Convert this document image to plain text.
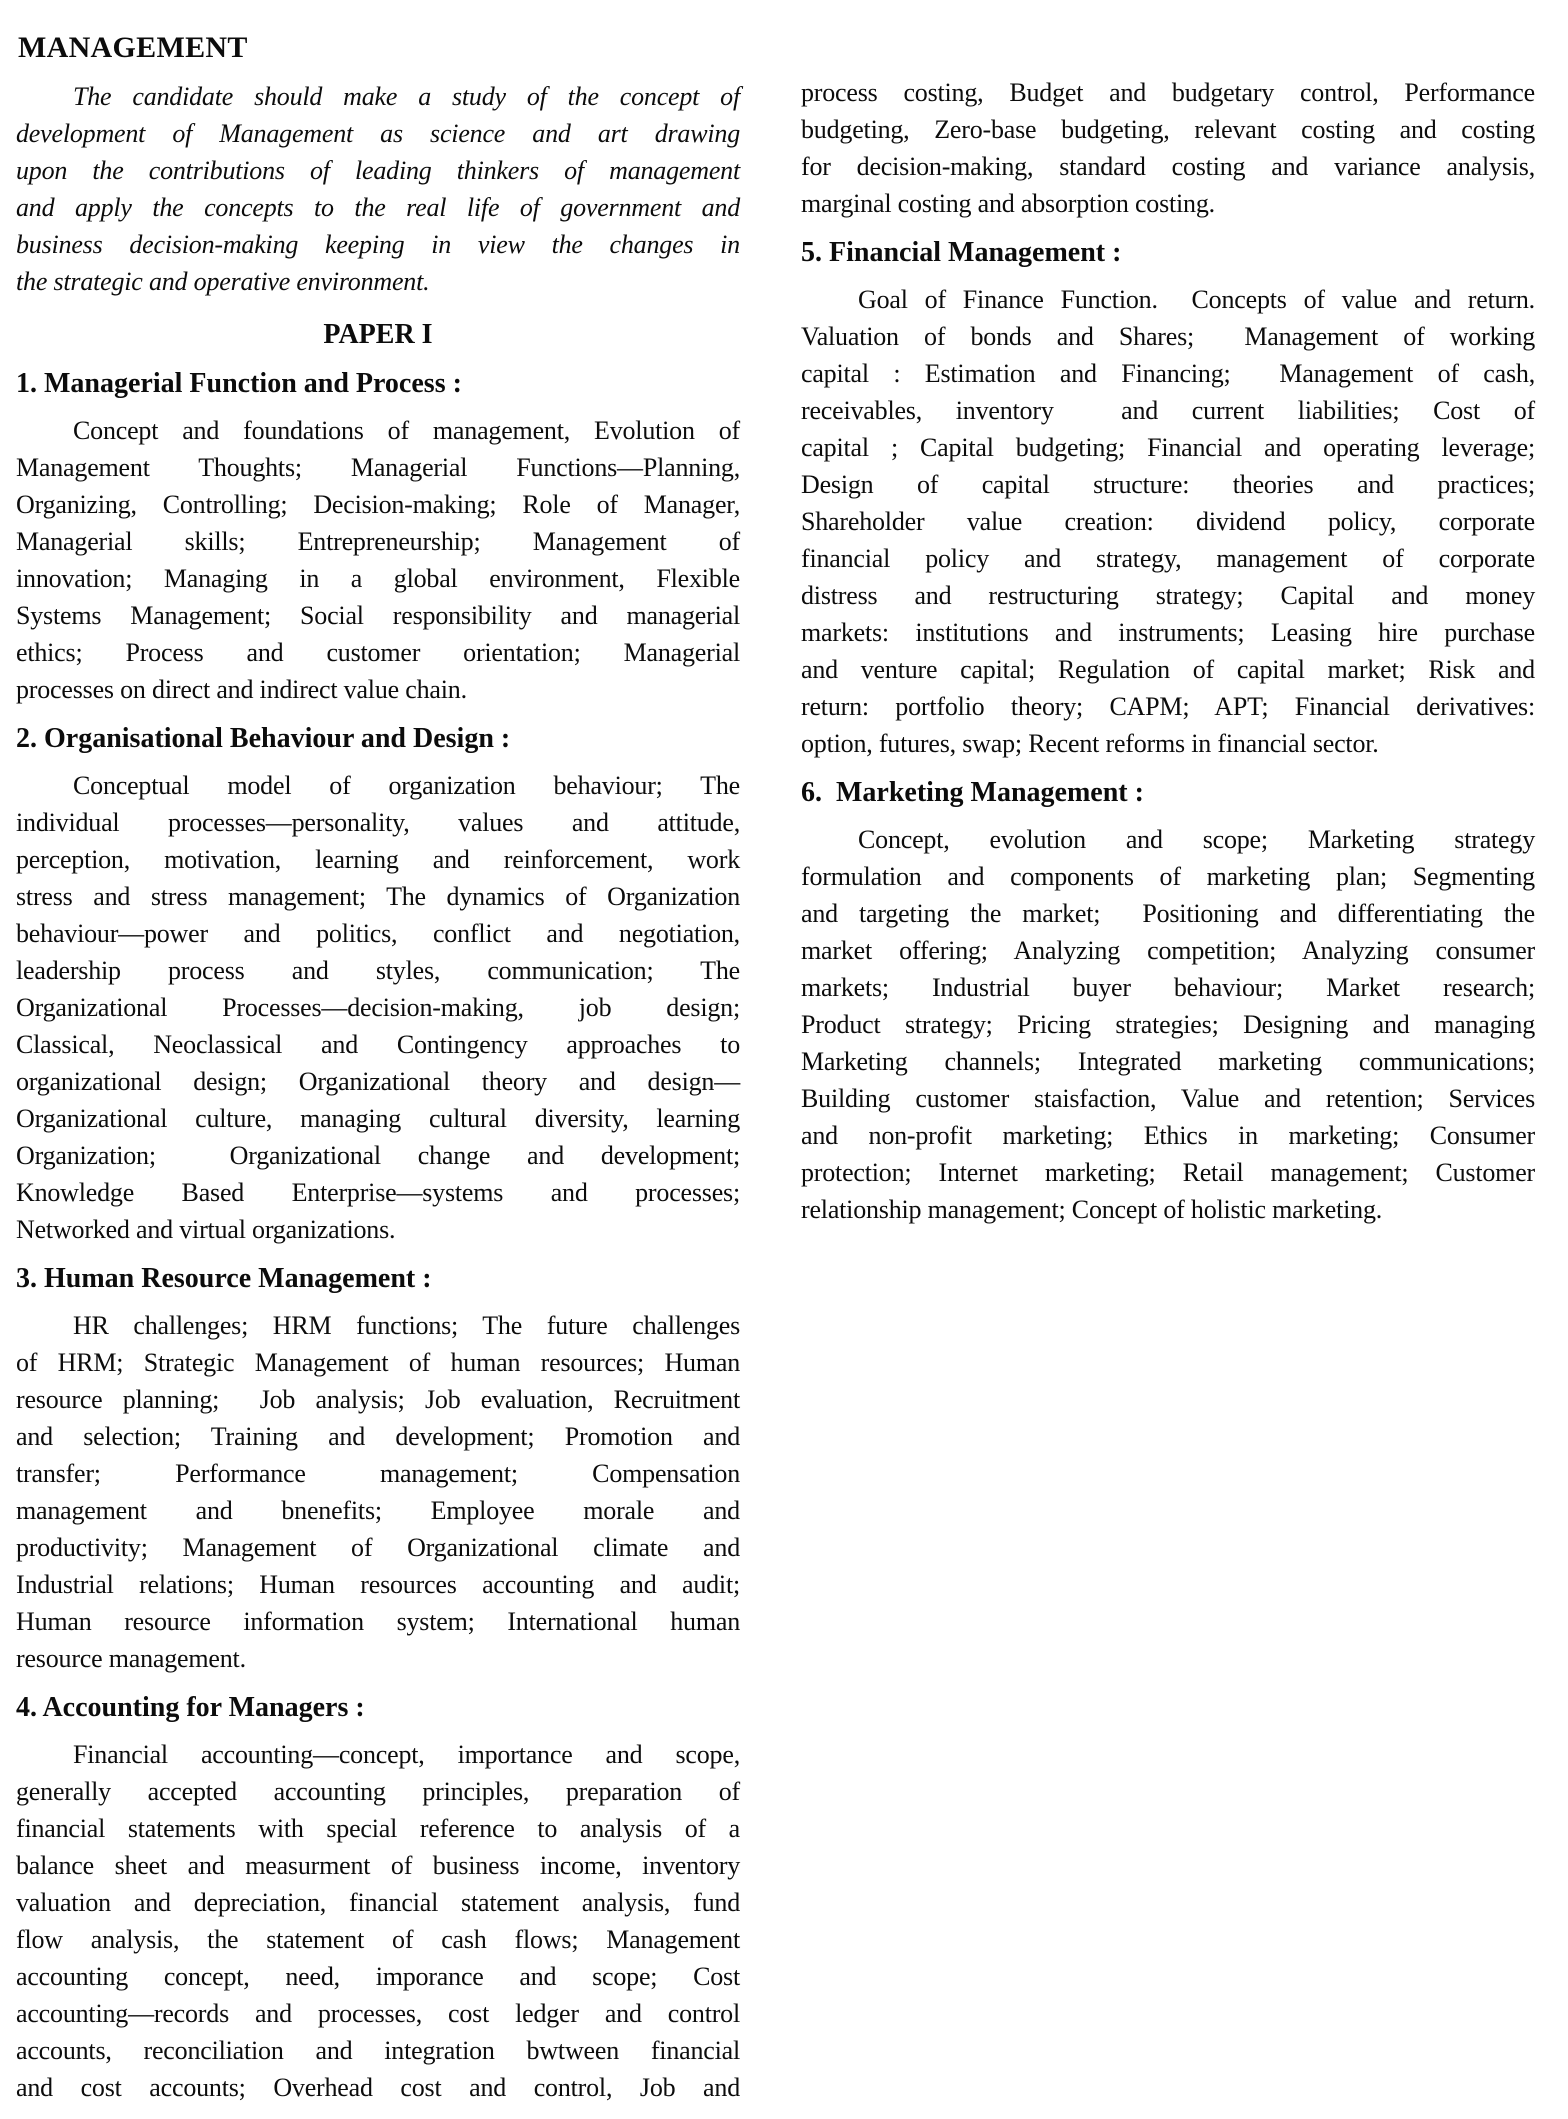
MANAGEMENT
The candidate should make a study of the concept of
development of Management as science and art drawing
upon the contributions of leading thinkers of management
and apply the concepts to the real life of government and
business decision-making keeping in view the changes in
the strategic and operative environment.
PAPER I
1. Managerial Function and Process :
Concept and foundations of management, Evolution of
Management Thoughts; Managerial Functions—Planning,
Organizing, Controlling; Decision-making; Role of Manager,
Managerial skills; Entrepreneurship; Management of
innovation; Managing in a global environment, Flexible
Systems Management; Social responsibility and managerial
ethics; Process and customer orientation; Managerial
processes on direct and indirect value chain.
2. Organisational Behaviour and Design :
Conceptual model of organization behaviour; The
individual processes—personality, values and attitude,
perception, motivation, learning and reinforcement, work
stress and stress management; The dynamics of Organization
behaviour—power and politics, conflict and negotiation,
leadership process and styles, communication; The
Organizational Processes—decision-making, job design;
Classical, Neoclassical and Contingency approaches to
organizational design; Organizational theory and design—
Organizational culture, managing cultural diversity, learning
Organization;  Organizational change and development;
Knowledge Based Enterprise—systems and processes;
Networked and virtual organizations.
3. Human Resource Management :
HR challenges; HRM functions; The future challenges
of HRM; Strategic Management of human resources; Human
resource planning;  Job analysis; Job evaluation, Recruitment
and selection; Training and development; Promotion and
transfer; Performance management; Compensation
management and bnenefits; Employee morale and
productivity; Management of Organizational climate and
Industrial relations; Human resources accounting and audit;
Human resource information system; International human
resource management.
4. Accounting for Managers :
Financial accounting—concept, importance and scope,
generally accepted accounting principles, preparation of
financial statements with special reference to analysis of a
balance sheet and measurment of business income, inventory
valuation and depreciation, financial statement analysis, fund
flow analysis, the statement of cash flows; Management
accounting concept, need, imporance and scope; Cost
accounting—records and processes, cost ledger and control
accounts, reconciliation and integration bwtween financial
and cost accounts; Overhead cost and control, Job and
process costing, Budget and budgetary control, Performance
budgeting, Zero-base budgeting, relevant costing and costing
for decision-making, standard costing and variance analysis,
marginal costing and absorption costing.
5. Financial Management :
Goal of Finance Function.  Concepts of value and return.
Valuation of bonds and Shares;  Management of working
capital : Estimation and Financing;  Management of cash,
receivables, inventory  and current liabilities; Cost of
capital ; Capital budgeting; Financial and operating leverage;
Design of capital structure: theories and practices;
Shareholder value creation: dividend policy, corporate
financial policy and strategy, management of corporate
distress and restructuring strategy; Capital and money
markets: institutions and instruments; Leasing hire purchase
and venture capital; Regulation of capital market; Risk and
return: portfolio theory; CAPM; APT; Financial derivatives:
option, futures, swap; Recent reforms in financial sector.
6.  Marketing Management :
Concept, evolution and scope; Marketing strategy
formulation and components of marketing plan; Segmenting
and targeting the market;  Positioning and differentiating the
market offering; Analyzing competition; Analyzing consumer
markets; Industrial buyer behaviour; Market research;
Product strategy; Pricing strategies; Designing and managing
Marketing channels; Integrated marketing communications;
Building customer staisfaction, Value and retention; Services
and non-profit marketing; Ethics in marketing; Consumer
protection; Internet marketing; Retail management; Customer
relationship management; Concept of holistic marketing.
